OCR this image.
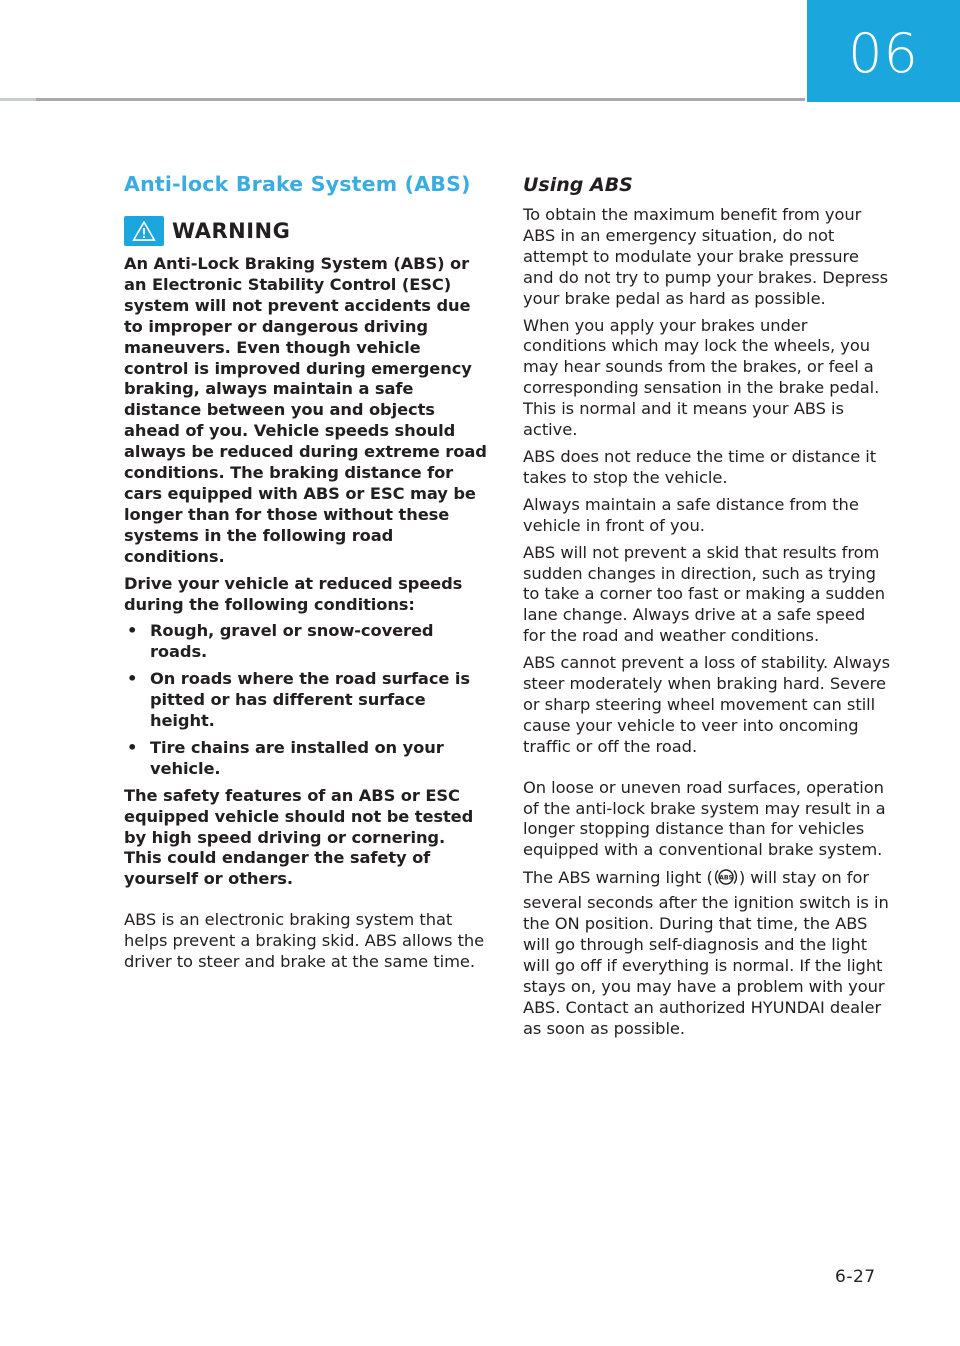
06
Anti-lock Brake System (ABS)
WARNING

An Anti-Lock Braking System (ABS) or an Electronic Stability Control (ESC) system will not prevent accidents due to improper or dangerous driving maneuvers. Even though vehicle control is improved during emergency braking, always maintain a safe distance between you and objects ahead of you. Vehicle speeds should always be reduced during extreme road conditions. The braking distance for cars equipped with ABS or ESC may be longer than for those without these systems in the following road conditions.

Drive your vehicle at reduced speeds during the following conditions:

• Rough, gravel or snow-covered roads.
• On roads where the road surface is pitted or has different surface height.
• Tire chains are installed on your vehicle.

The safety features of an ABS or ESC equipped vehicle should not be tested by high speed driving or cornering. This could endanger the safety of yourself or others.

ABS is an electronic braking system that helps prevent a braking skid. ABS allows the driver to steer and brake at the same time.

Using ABS

To obtain the maximum benefit from your ABS in an emergency situation, do not attempt to modulate your brake pressure and do not try to pump your brakes. Depress your brake pedal as hard as possible.

When you apply your brakes under conditions which may lock the wheels, you may hear sounds from the brakes, or feel a corresponding sensation in the brake pedal. This is normal and it means your ABS is active.

ABS does not reduce the time or distance it takes to stop the vehicle.

Always maintain a safe distance from the vehicle in front of you.

ABS will not prevent a skid that results from sudden changes in direction, such as trying to take a corner too fast or making a sudden lane change. Always drive at a safe speed for the road and weather conditions.

ABS cannot prevent a loss of stability. Always steer moderately when braking hard. Severe or sharp steering wheel movement can still cause your vehicle to veer into oncoming traffic or off the road.

On loose or uneven road surfaces, operation of the anti-lock brake system may result in a longer stopping distance than for vehicles equipped with a conventional brake system.

The ABS warning light ( ABS ) will stay on for several seconds after the ignition switch is in the ON position. During that time, the ABS will go through self-diagnosis and the light will go off if everything is normal. If the light stays on, you may have a problem with your ABS. Contact an authorized HYUNDAI dealer as soon as possible.

6-27
